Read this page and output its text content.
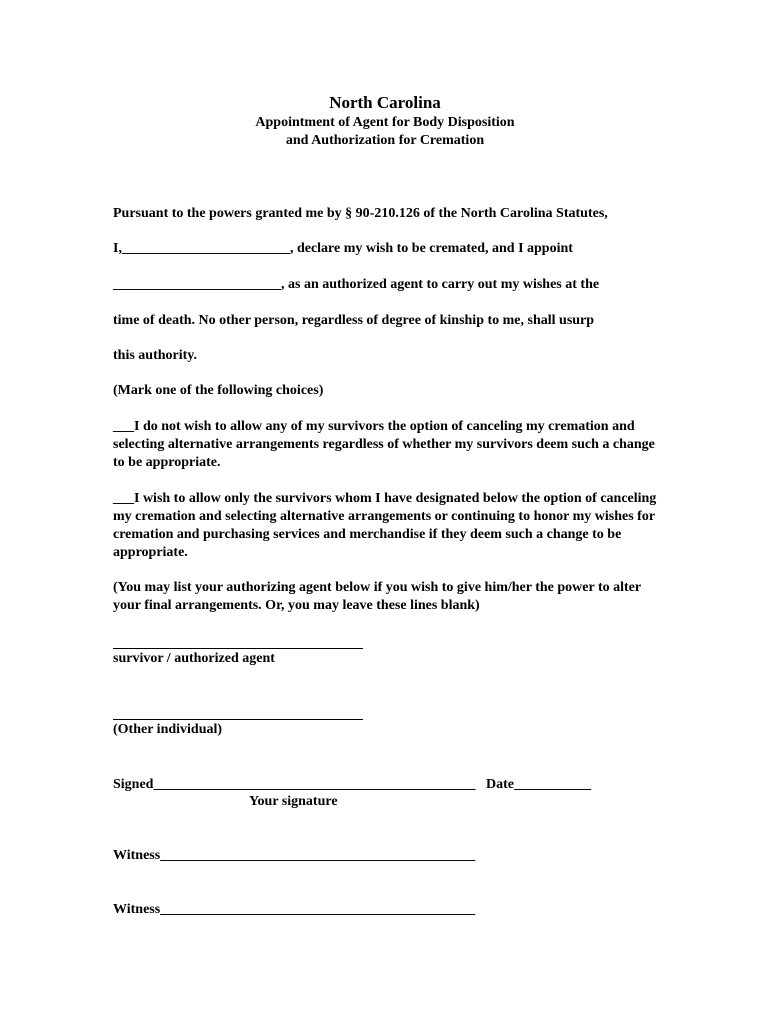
North Carolina
Appointment of Agent for Body Disposition
and Authorization for Cremation
Pursuant to the powers granted me by § 90-210.126 of the North Carolina Statutes,
I,________________________, declare my wish to be cremated, and I appoint
________________________, as an authorized agent to carry out my wishes at the
time of death. No other person, regardless of degree of kinship to me, shall usurp
this authority.
(Mark one of the following choices)
___I do not wish to allow any of my survivors the option of canceling my cremation and selecting alternative arrangements regardless of whether my survivors deem such a change to be appropriate.
___I wish to allow only the survivors whom I have designated below the option of canceling my cremation and selecting alternative arrangements or continuing to honor my wishes for cremation and purchasing services and merchandise if they deem such a change to be appropriate.
(You may list your authorizing agent below if you wish to give him/her the power to alter your final arrangements. Or, you may leave these lines blank)
survivor / authorized agent
(Other individual)
Signed______________________________________________ Date___________
Your signature
Witness_____________________________________________
Witness_____________________________________________
